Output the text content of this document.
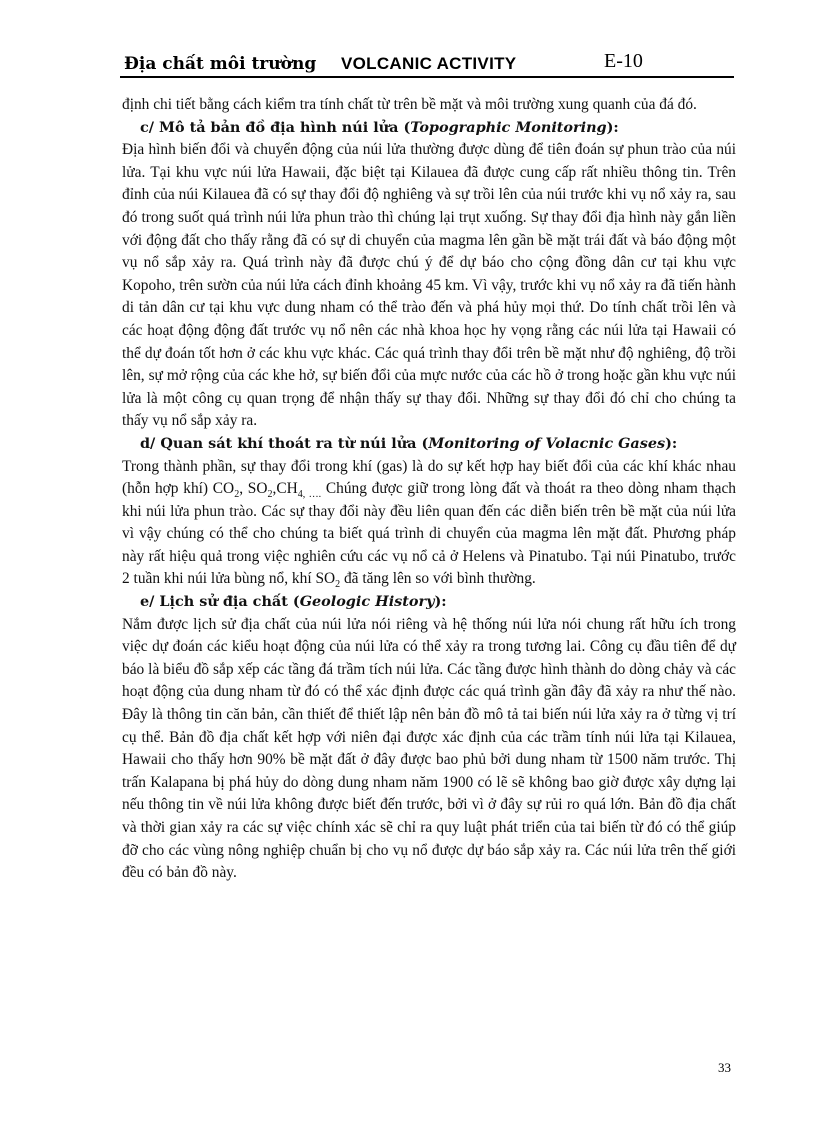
Địa chất môi trường VOLCANIC ACTIVITY	E-10

định chi tiết bằng cách kiểm tra tính chất từ trên bề mặt và môi trường xung quanh của đá đó.

c/ Mô tả bản đồ địa hình núi lửa (Topographic Monitoring):

Địa hình biến đổi và chuyển động của núi lửa thường được dùng để tiên đoán sự phun trào của núi lửa. Tại khu vực núi lửa Hawaii, đặc biệt tại Kilauea đã được cung cấp rất nhiều thông tin. Trên đỉnh của núi Kilauea đã có sự thay đổi độ nghiêng và sự trồi lên của núi trước khi vụ nổ xảy ra, sau đó trong suốt quá trình núi lửa phun trào thì chúng lại trụt xuống. Sự thay đổi địa hình này gắn liền với động đất cho thấy rằng đã có sự di chuyển của magma lên gần bề mặt trái đất và báo động một vụ nổ sắp xảy ra. Quá trình này đã được chú ý để dự báo cho cộng đồng dân cư tại khu vực Kopoho, trên sườn của núi lửa cách đỉnh khoảng 45 km. Vì vậy, trước khi vụ nổ xảy ra đã tiến hành di tản dân cư tại khu vực dung nham có thể trào đến và phá hủy mọi thứ. Do tính chất trồi lên và các hoạt động động đất trước vụ nổ nên các nhà khoa học hy vọng rằng các núi lửa tại Hawaii có thể dự đoán tốt hơn ở các khu vực khác. Các quá trình thay đổi trên bề mặt như độ nghiêng, độ trồi lên, sự mở rộng của các khe hở, sự biến đổi của mực nước của các hồ ở trong hoặc gần khu vực núi lửa là một công cụ quan trọng để nhận thấy sự thay đổi. Những sự thay đổi đó chỉ cho chúng ta thấy vụ nổ sắp xảy ra.

d/ Quan sát khí thoát ra từ núi lửa (Monitoring of Volacnic Gases):

Trong thành phần, sự thay đổi trong khí (gas) là do sự kết hợp hay biết đổi của các khí khác nhau (hỗn hợp khí) $CO_2$, $SO_2,CH_{4, \dots.}$ Chúng được giữ trong lòng đất và thoát ra theo dòng nham thạch khi núi lửa phun trào. Các sự thay đổi này đều liên quan đến các diễn biến trên bề mặt của núi lửa vì vậy chúng có thể cho chúng ta biết quá trình di chuyển của magma lên mặt đất. Phương pháp này rất hiệu quả trong việc nghiên cứu các vụ nổ cả ở Helens và Pinatubo. Tại núi Pinatubo, trước 2 tuần khi núi lửa bùng nổ, khí $SO_2$ đã tăng lên so với bình thường.

e/ Lịch sử địa chất (Geologic History):

Nắm được lịch sử địa chất của núi lửa nói riêng và hệ thống núi lửa nói chung rất hữu ích trong việc dự đoán các kiểu hoạt động của núi lửa có thể xảy ra trong tương lai. Công cụ đầu tiên để dự báo là biểu đồ sắp xếp các tầng đá trầm tích núi lửa. Các tầng được hình thành do dòng chảy và các hoạt động của dung nham từ đó có thể xác định được các quá trình gần đây đã xảy ra như thế nào. Đây là thông tin căn bản, cần thiết để thiết lập nên bản đồ mô tả tai biến núi lửa xảy ra ở từng vị trí cụ thể. Bản đồ địa chất kết hợp với niên đại được xác định của các trầm tính núi lửa tại Kilauea, Hawaii cho thấy hơn 90% bề mặt đất ở đây được bao phủ bởi dung nham từ 1500 năm trước. Thị trấn Kalapana bị phá hủy do dòng dung nham năm 1900 có lẽ sẽ không bao giờ được xây dựng lại nếu thông tin về núi lửa không được biết đến trước, bởi vì ở đây sự rủi ro quá lớn. Bản đồ địa chất và thời gian xảy ra các sự việc chính xác sẽ chỉ ra quy luật phát triển của tai biến từ đó có thể giúp đỡ cho các vùng nông nghiệp chuẩn bị cho vụ nổ được dự báo sắp xảy ra. Các núi lửa trên thế giới đều có bản đồ này.

33
